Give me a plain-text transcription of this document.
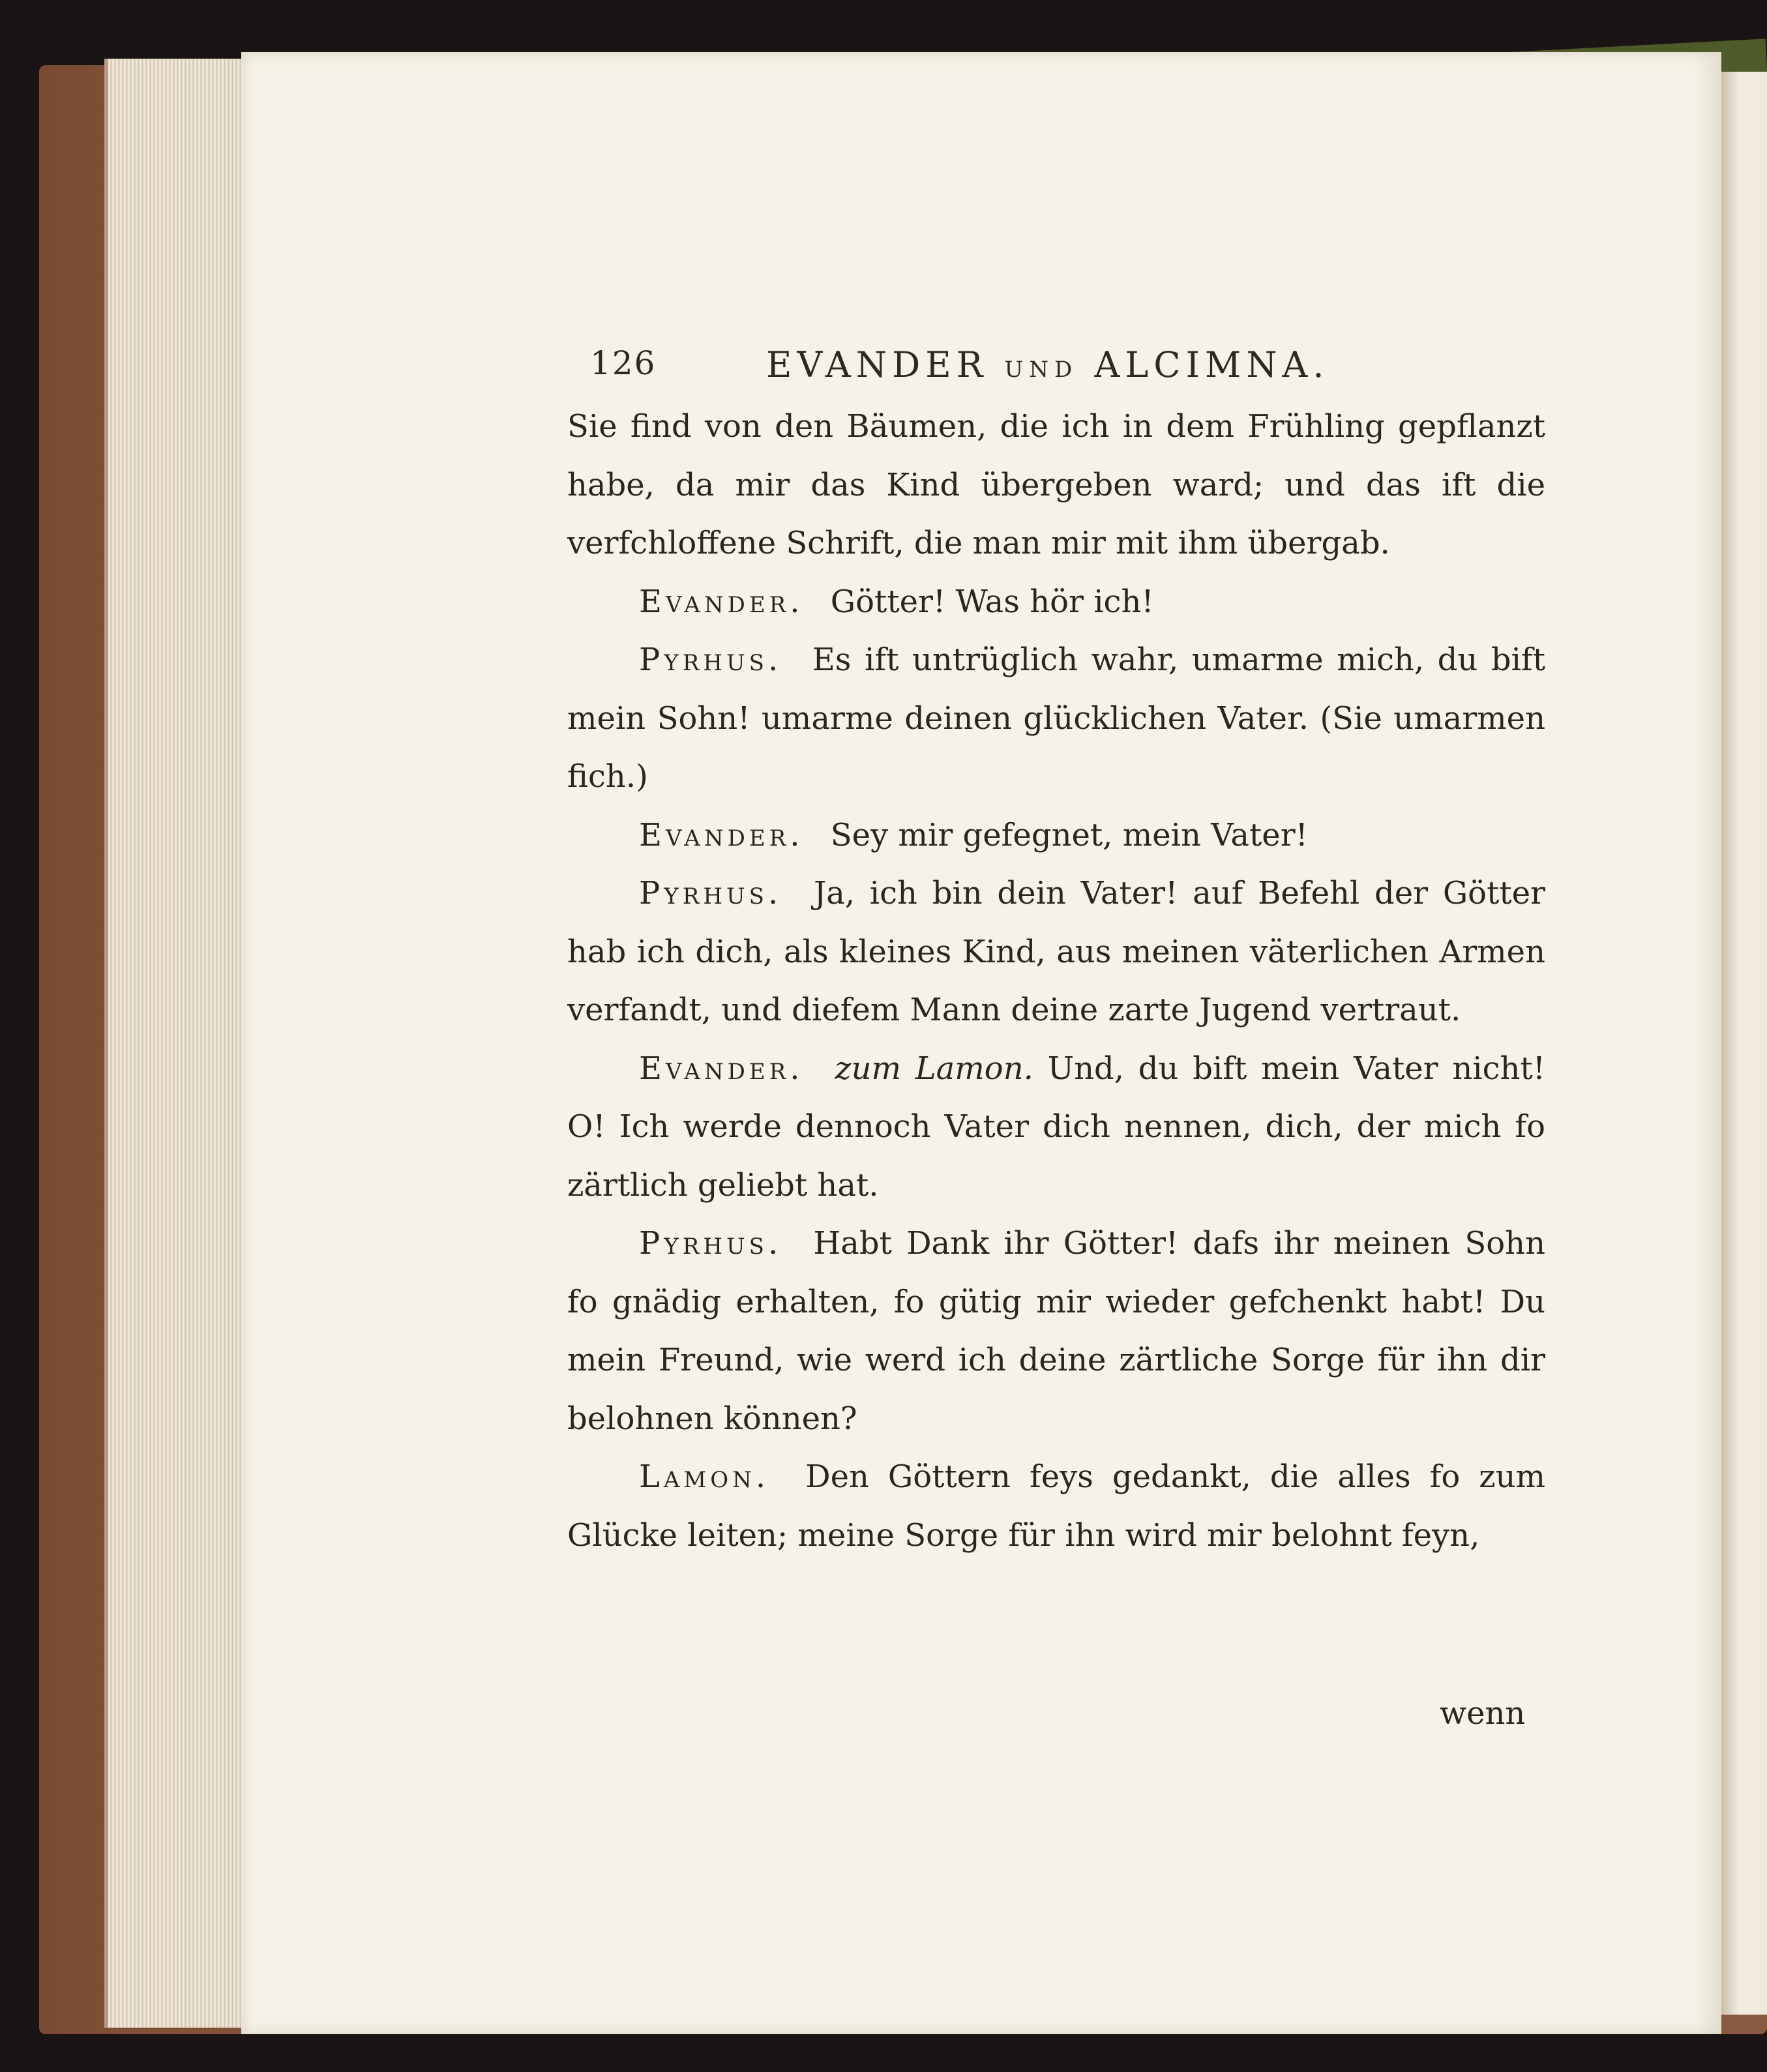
126	EVANDER UND ALCIMNA.

Sie find von den Bäumen, die ich in dem Frühling gepflanzt habe, da mir das Kind übergeben ward; und das ift die verfchloffene Schrift, die man mir mit ihm übergab.

Evander. Götter! Was hör ich!

Pyrhus. Es ift untrüglich wahr, umarme mich, du bift mein Sohn! umarme deinen glücklichen Vater. (Sie umarmen fich.)

Evander. Sey mir gefegnet, mein Vater!

Pyrhus. Ja, ich bin dein Vater! auf Befehl der Götter hab ich dich, als kleines Kind, aus meinen väterlichen Armen verfandt, und diefem Mann deine zarte Jugend vertraut.

Evander. zum Lamon. Und, du bift mein Vater nicht! O! Ich werde dennoch Vater dich nennen, dich, der mich fo zärtlich geliebt hat.

Pyrhus. Habt Dank ihr Götter! dafs ihr meinen Sohn fo gnädig erhalten, fo gütig mir wieder gefchenkt habt! Du mein Freund, wie werd ich deine zärtliche Sorge für ihn dir belohnen können?

Lamon. Den Göttern feys gedankt, die alles fo zum Glücke leiten; meine Sorge für ihn wird mir belohnt feyn,

wenn
